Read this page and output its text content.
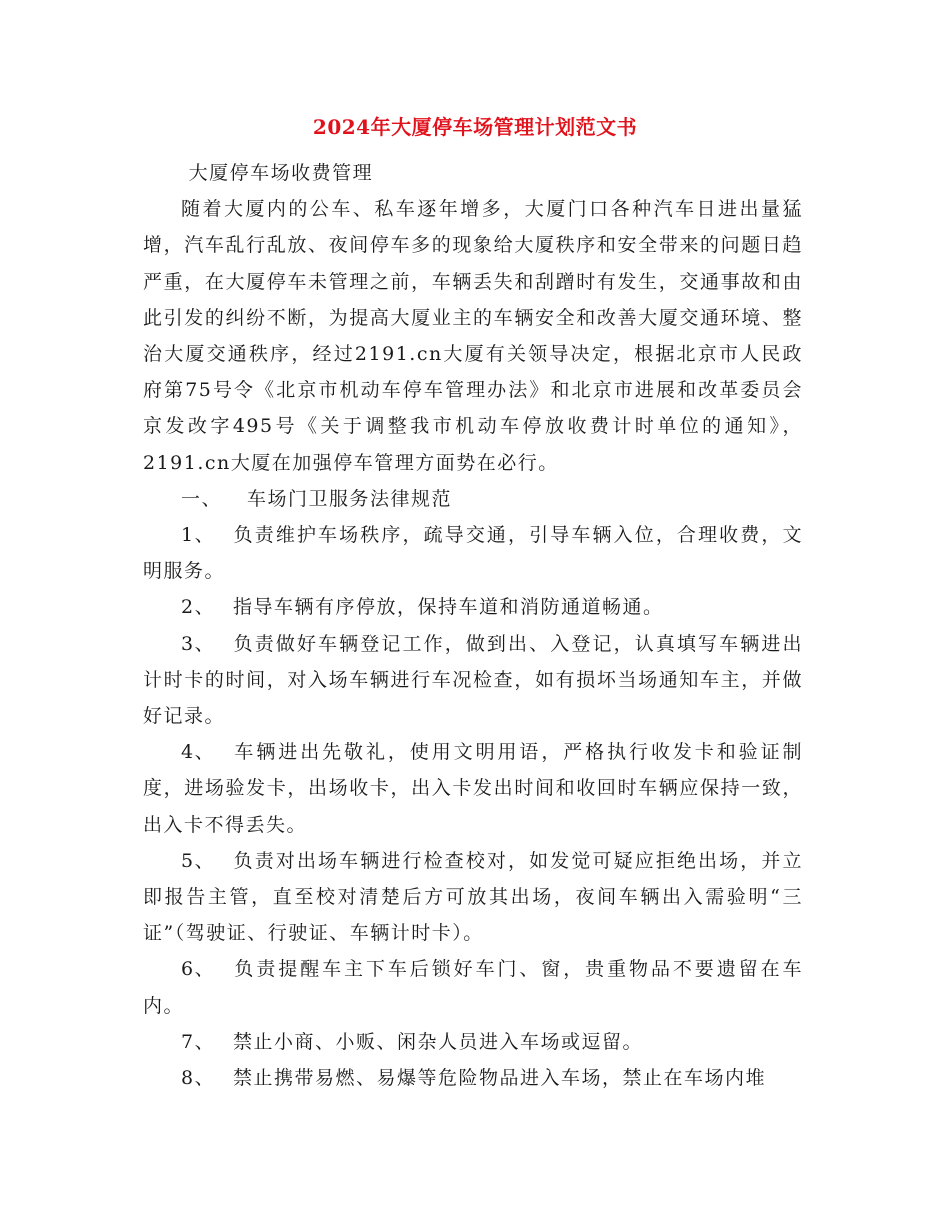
2024年大厦停车场管理计划范文书

大厦停车场收费管理

随着大厦内的公车、私车逐年增多，大厦门口各种汽车日进出量猛增，汽车乱行乱放、夜间停车多的现象给大厦秩序和安全带来的问题日趋严重，在大厦停车未管理之前，车辆丢失和刮蹭时有发生，交通事故和由此引发的纠纷不断，为提高大厦业主的车辆安全和改善大厦交通环境、整治大厦交通秩序，经过2191.cn大厦有关领导决定，根据北京市人民政府第75号令《北京市机动车停车管理办法》和北京市进展和改革委员会京发改字495号《关于调整我市机动车停放收费计时单位的通知》，2191.cn大厦在加强停车管理方面势在必行。

一、 车场门卫服务法律规范

1、 负责维护车场秩序，疏导交通，引导车辆入位，合理收费，文明服务。

2、 指导车辆有序停放，保持车道和消防通道畅通。

3、 负责做好车辆登记工作，做到出、入登记，认真填写车辆进出计时卡的时间，对入场车辆进行车况检查，如有损坏当场通知车主，并做好记录。

4、 车辆进出先敬礼，使用文明用语，严格执行收发卡和验证制度，进场验发卡，出场收卡，出入卡发出时间和收回时车辆应保持一致，出入卡不得丢失。

5、 负责对出场车辆进行检查校对，如发觉可疑应拒绝出场，并立即报告主管，直至校对清楚后方可放其出场，夜间车辆出入需验明“三证”（驾驶证、行驶证、车辆计时卡）。

6、 负责提醒车主下车后锁好车门、窗，贵重物品不要遗留在车内。

7、 禁止小商、小贩、闲杂人员进入车场或逗留。

8、 禁止携带易燃、易爆等危险物品进入车场，禁止在车场内堆
